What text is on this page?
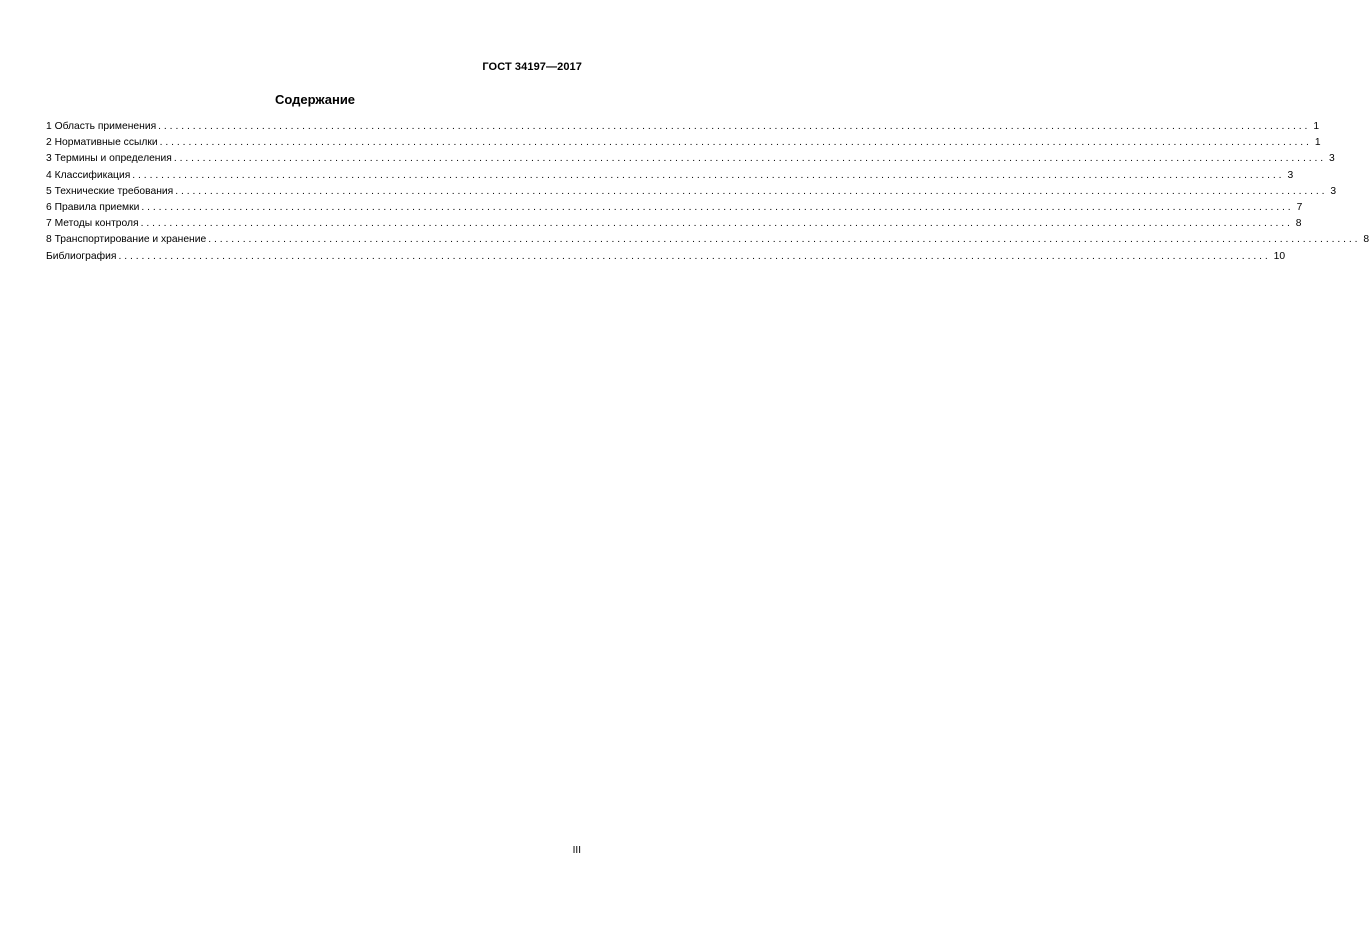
ГОСТ 34197—2017
Содержание
1 Область применения ........................................................................................................................................................................................................ 1
2 Нормативные ссылки ........................................................................................................................................................................................................ 1
3 Термины и определения ........................................................................................................................................................................................................ 3
4 Классификация ........................................................................................................................................................................................................ 3
5 Технические требования ........................................................................................................................................................................................................ 3
6 Правила приемки ........................................................................................................................................................................................................ 7
7 Методы контроля ........................................................................................................................................................................................................ 8
8 Транспортирование и хранение ........................................................................................................................................................................................................ 8
Библиография ........................................................................................................................................................................................................ 10
III
